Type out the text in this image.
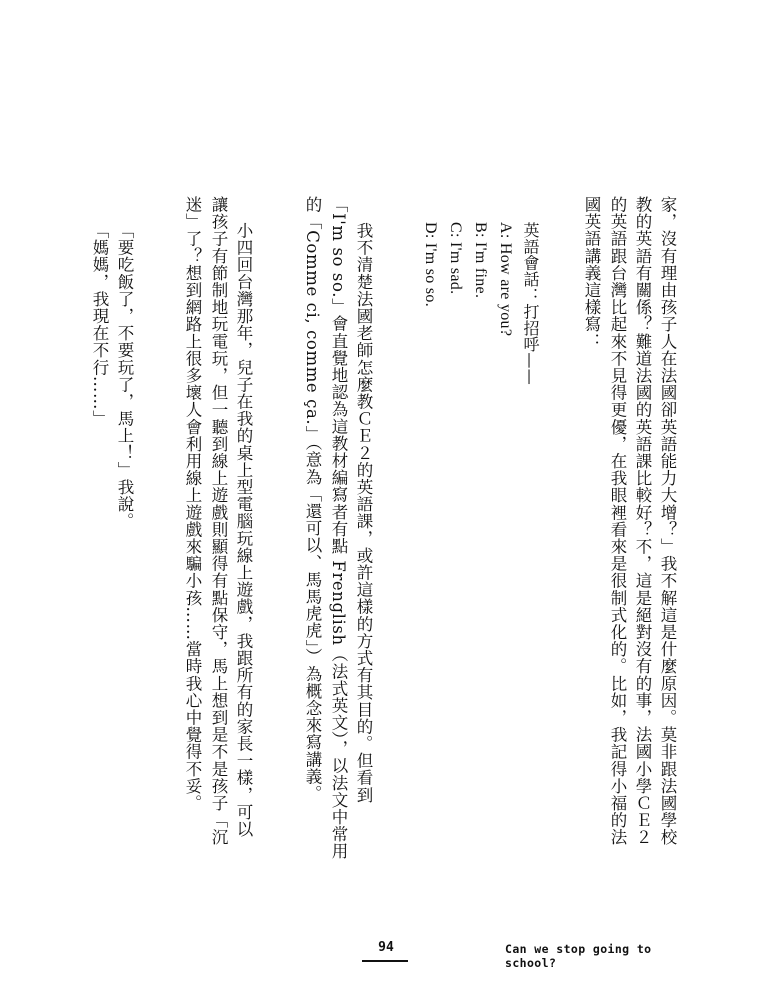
家，沒有理由孩子人在法國卻英語能力大增？」我不解這是什麼原因。莫非跟法國學校
教的英語有關係？難道法國的英語課比較好？不，這是絕對沒有的事，法國小學ＣＥ２
的英語跟台灣比起來不見得更優，在我眼裡看來是很制式化的。比如，我記得小福的法
國英語講義這樣寫：
英語會話：打招呼——
A: How are you?
B: I'm fine.
C: I'm sad.
D: I'm so so.
我不清楚法國老師怎麼教ＣＥ２的英語課，或許這樣的方式有其目的。但看到
「I'm so so.」會直覺地認為這教材編寫者有點 Frenglish（法式英文），以法文中常用
的「Comme ci, comme ça.」（意為「還可以、馬馬虎虎」）為概念來寫講義。
小四回台灣那年，兒子在我的桌上型電腦玩線上遊戲，我跟所有的家長一樣，可以
讓孩子有節制地玩電玩，但一聽到線上遊戲則顯得有點保守，馬上想到是不是孩子「沉
迷」了？想到網路上很多壞人會利用線上遊戲來騙小孩……當時我心中覺得不妥。
「要吃飯了，不要玩了，馬上！」我說。
「媽媽，我現在不行……」
94	Can we stop going to school?
